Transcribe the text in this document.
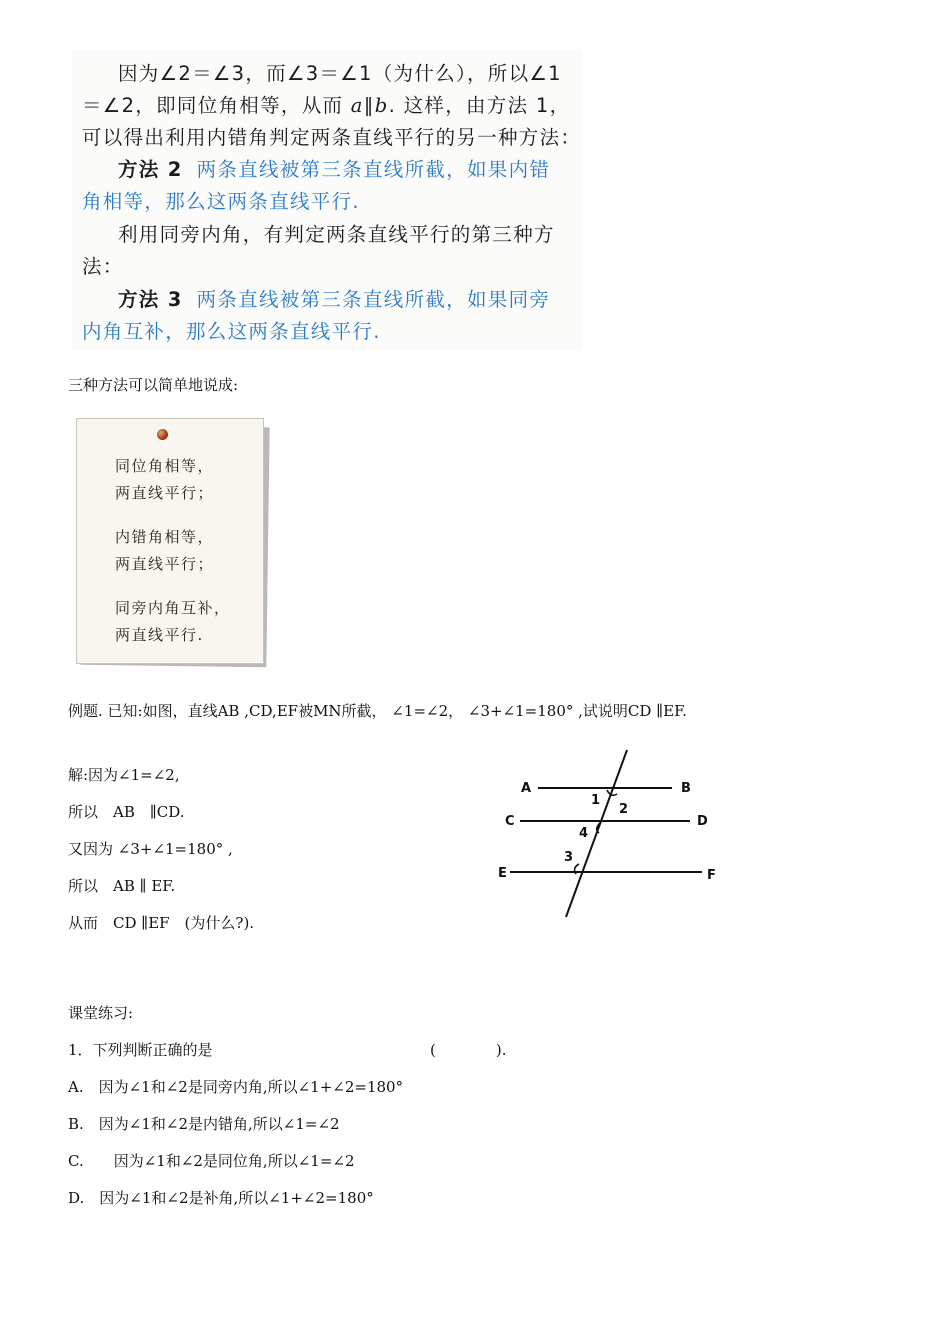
因为∠2＝∠3，而∠3＝∠1（为什么），所以∠1
＝∠2，即同位角相等，从而 a∥b. 这样，由方法 1，
可以得出利用内错角判定两条直线平行的另一种方法：
方法 2 两条直线被第三条直线所截，如果内错
角相等，那么这两条直线平行.
利用同旁内角，有判定两条直线平行的第三种方
法：
方法 3 两条直线被第三条直线所截，如果同旁
内角互补，那么这两条直线平行.
三种方法可以简单地说成:
同位角相等，
两直线平行；
内错角相等，
两直线平行；
同旁内角互补，
两直线平行.
例题. 已知:如图，直线AB ,CD,EF被MN所截， ∠1=∠2， ∠3+∠1=180° ,试说明CD ∥EF.
解:因为∠1=∠2,
所以　AB　∥CD.
又因为 ∠3+∠1=180° ,
所以　AB ∥ EF.
从而　CD ∥EF　(为什么?).
A	B
C	D
E	F
1
2
3
4
课堂练习:
1．下列判断正确的是	(　　　　).
A.　因为∠1和∠2是同旁内角,所以∠1+∠2=180°
B.　因为∠1和∠2是内错角,所以∠1=∠2
C.　　因为∠1和∠2是同位角,所以∠1=∠2
D.　因为∠1和∠2是补角,所以∠1+∠2=180°
